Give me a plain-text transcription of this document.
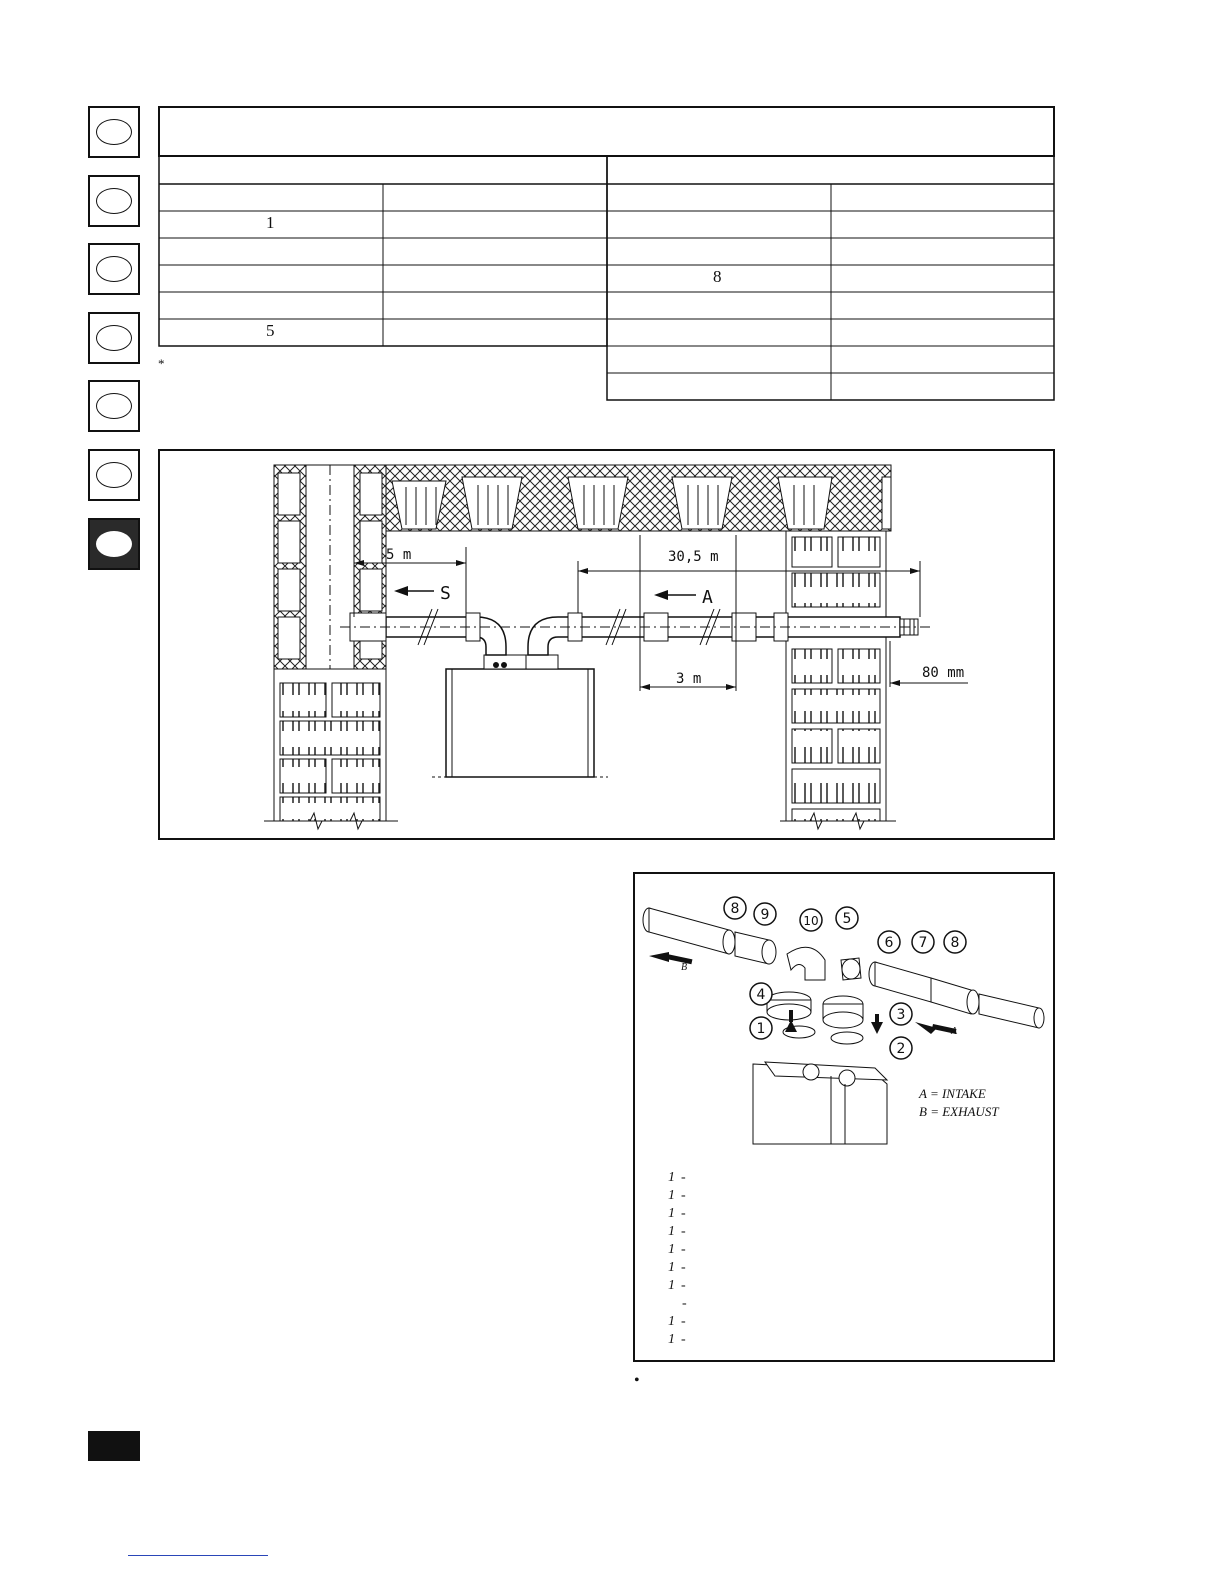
1
5
8
*
5 m
S
30,5 m
A
3 m	80 mm
8 9	10 5
6 7 8
4
3
1
2
B
A
A = INTAKE
B = EXHAUST
1 -
1 -
1 -
1 -
1 -
1 -
1 -
-
1 -
1 -
•
